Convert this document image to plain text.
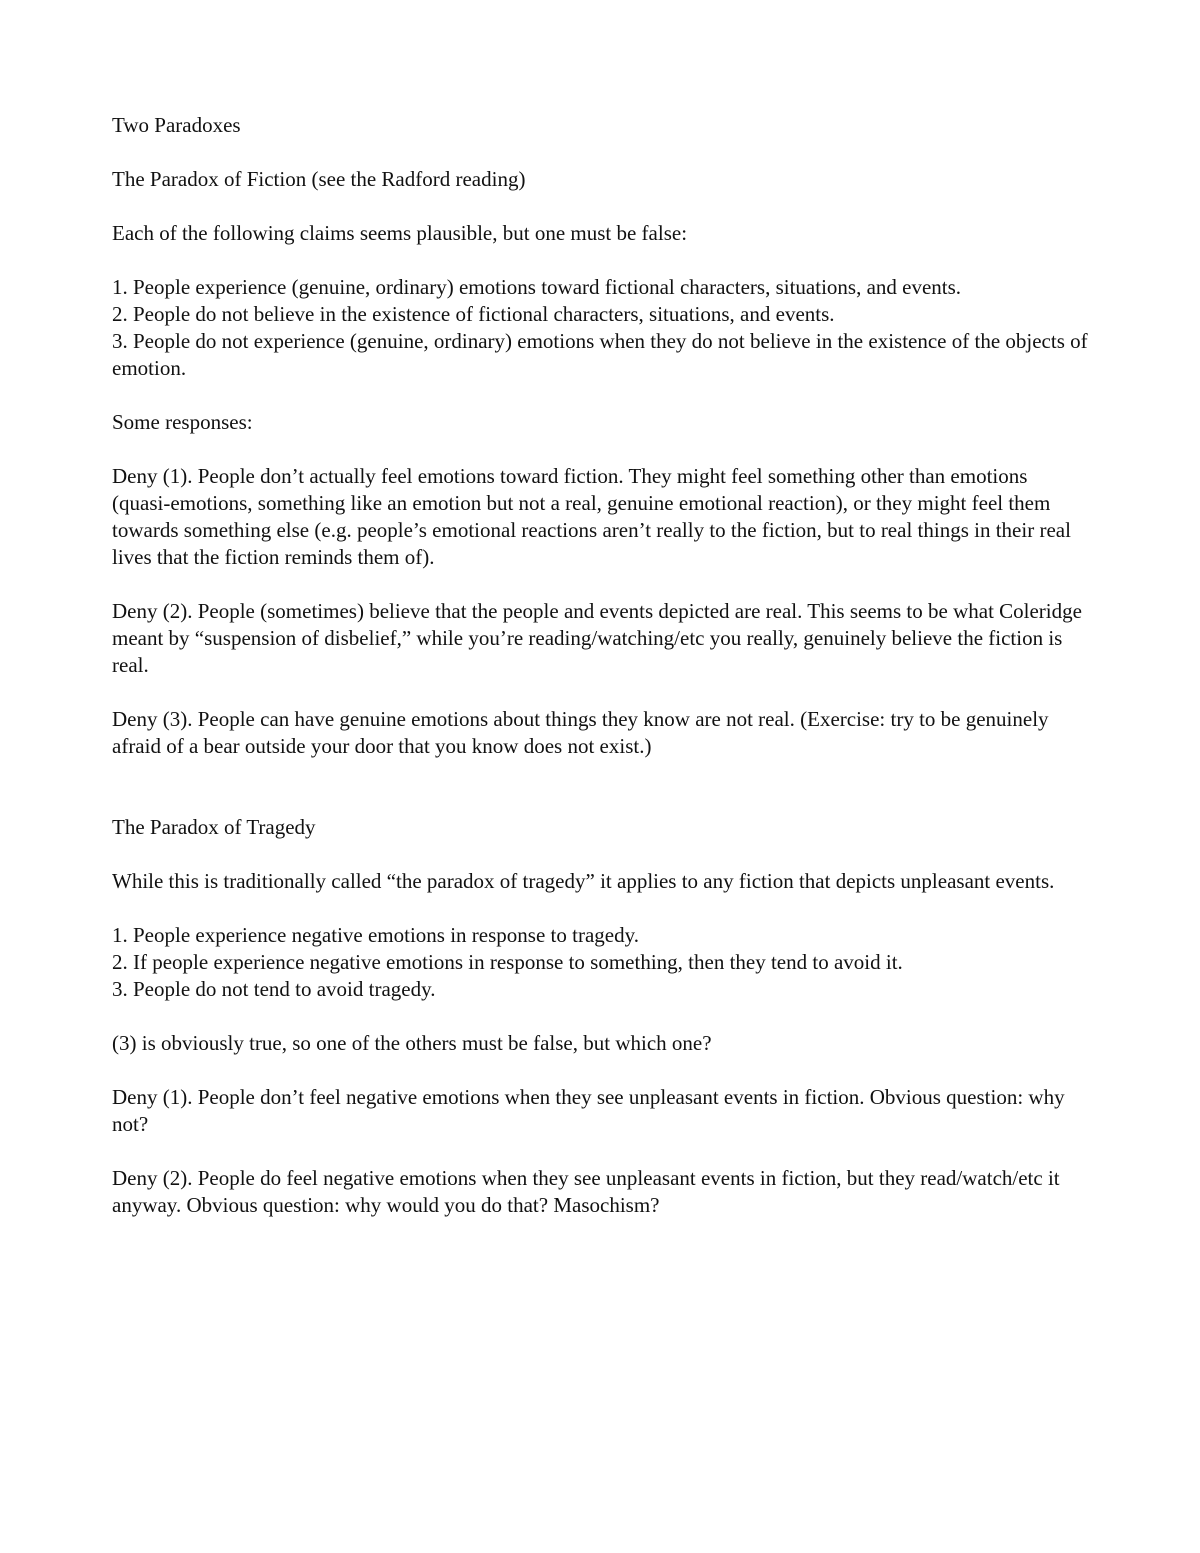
Two Paradoxes

The Paradox of Fiction (see the Radford reading)

Each of the following claims seems plausible, but one must be false:

1. People experience (genuine, ordinary) emotions toward fictional characters, situations, and events.
2. People do not believe in the existence of fictional characters, situations, and events.
3. People do not experience (genuine, ordinary) emotions when they do not believe in the existence of the objects of emotion.

Some responses:

Deny (1). People don’t actually feel emotions toward fiction. They might feel something other than emotions (quasi-emotions, something like an emotion but not a real, genuine emotional reaction), or they might feel them towards something else (e.g. people’s emotional reactions aren’t really to the fiction, but to real things in their real lives that the fiction reminds them of).

Deny (2). People (sometimes) believe that the people and events depicted are real. This seems to be what Coleridge meant by “suspension of disbelief,” while you’re reading/watching/etc you really, genuinely believe the fiction is real.

Deny (3). People can have genuine emotions about things they know are not real. (Exercise: try to be genuinely afraid of a bear outside your door that you know does not exist.)

The Paradox of Tragedy

While this is traditionally called “the paradox of tragedy” it applies to any fiction that depicts unpleasant events.

1. People experience negative emotions in response to tragedy.
2. If people experience negative emotions in response to something, then they tend to avoid it.
3. People do not tend to avoid tragedy.

(3) is obviously true, so one of the others must be false, but which one?

Deny (1). People don’t feel negative emotions when they see unpleasant events in fiction. Obvious question: why not?

Deny (2). People do feel negative emotions when they see unpleasant events in fiction, but they read/watch/etc it anyway. Obvious question: why would you do that? Masochism?
